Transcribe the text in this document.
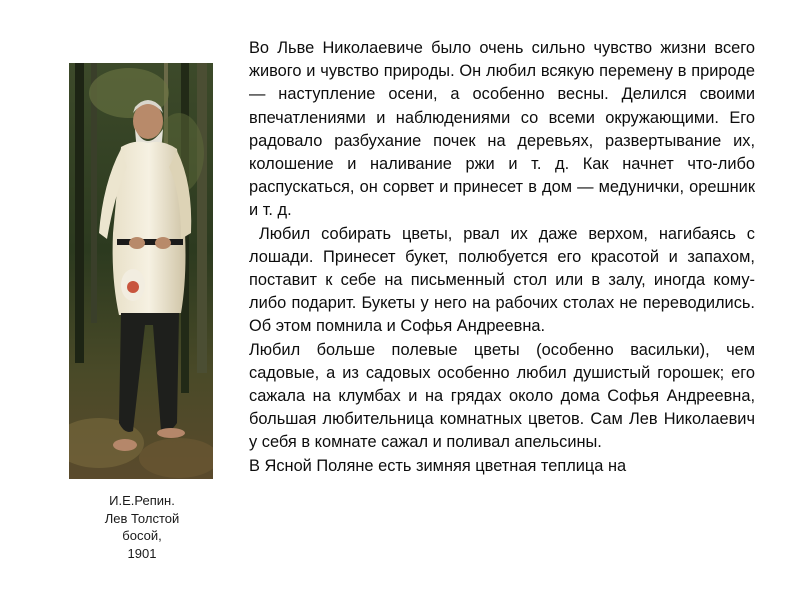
И.Е.Репин.
Лев Толстой
босой,
1901

Во Льве Николаевиче было очень сильно чувство жизни всего живого и чувство природы. Он любил всякую перемену в природе — наступление осени, а особенно весны. Делился своими впечатлениями и наблюдениями со всеми окружающими. Его радовало разбухание почек на деревьях, развертывание их, колошение и наливание ржи и т. д. Как начнет что-либо распускаться, он сорвет и принесет в дом — медунички, орешник и т. д.

Любил собирать цветы, рвал их даже верхом, нагибаясь с лошади. Принесет букет, полюбуется его красотой и запахом, поставит к себе на письменный стол или в залу, иногда кому-либо подарит. Букеты у него на рабочих столах не переводились. Об этом помнила и Софья Андреевна.

Любил больше полевые цветы (особенно васильки), чем садовые, а из садовых особенно любил душистый горошек; его сажала на клумбах и на грядах около дома Софья Андреевна, большая любительница комнатных цветов. Сам Лев Николаевич у себя в комнате сажал и поливал апельсины.

В Ясной Поляне есть зимняя цветная теплица на
